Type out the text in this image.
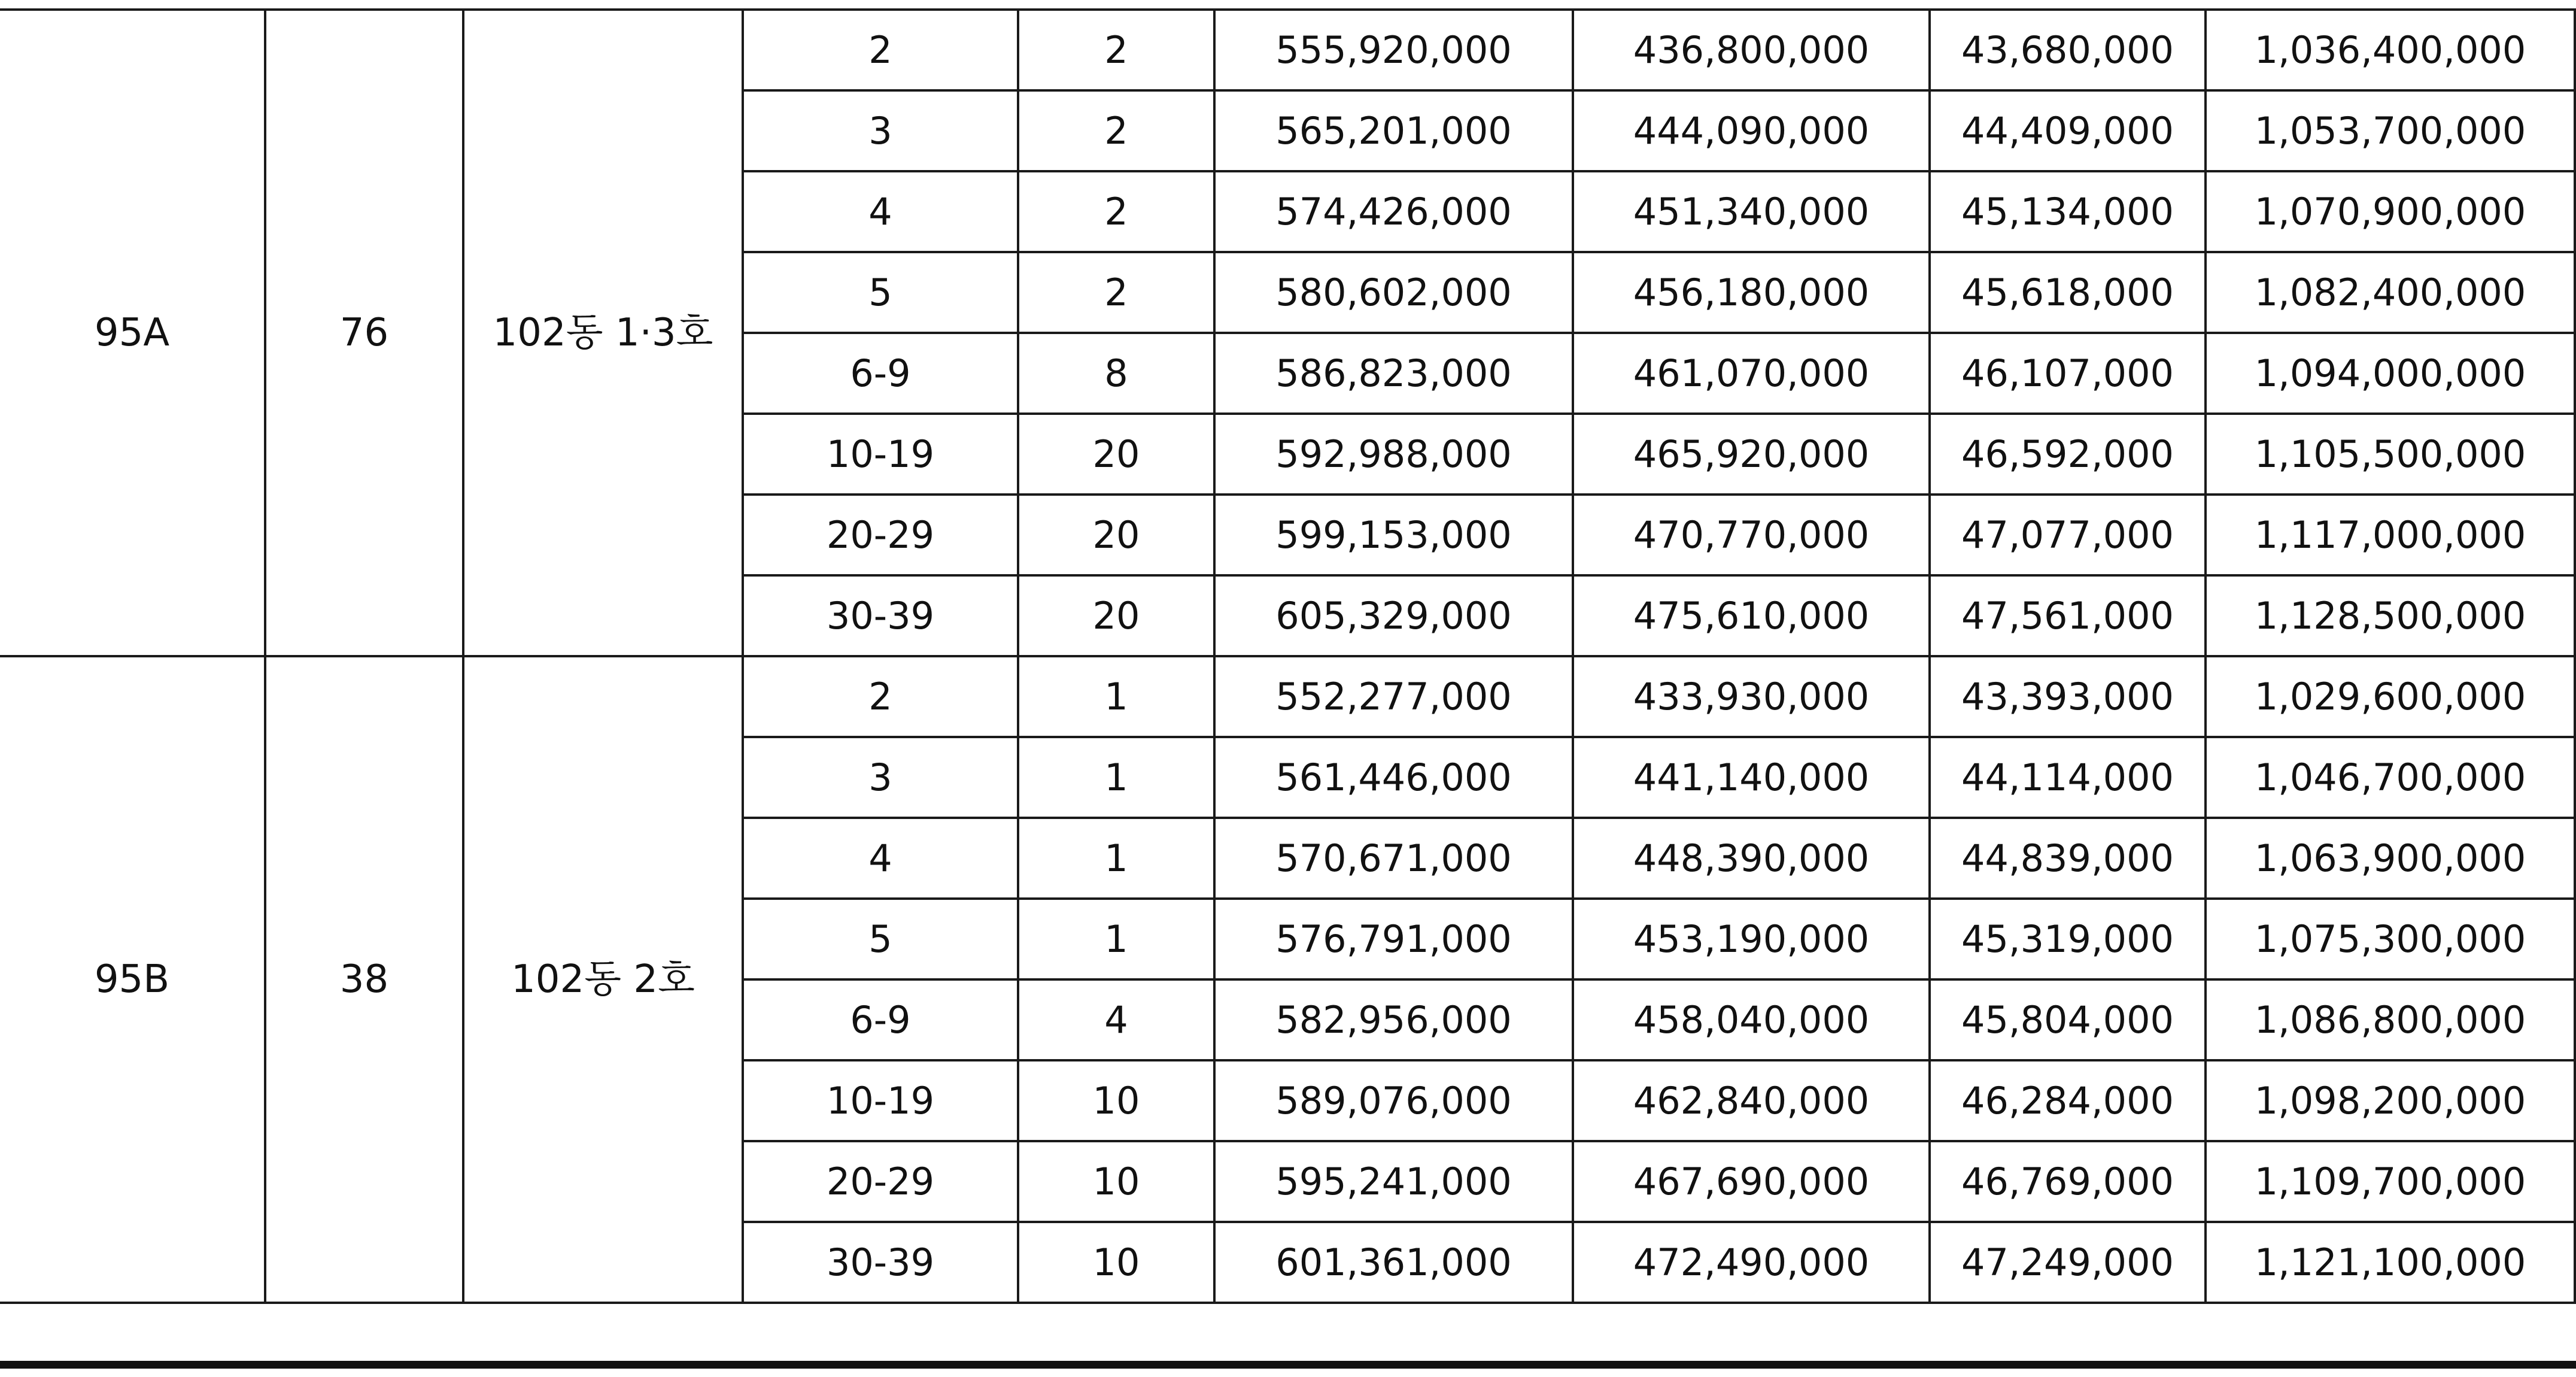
95A	76	102동 1·3호	2	2	555,920,000	436,800,000	43,680,000	1,036,400,000	
			3	2	565,201,000	444,090,000	44,409,000	1,053,700,000	
			4	2	574,426,000	451,340,000	45,134,000	1,070,900,000	
			5	2	580,602,000	456,180,000	45,618,000	1,082,400,000	
			6-9	8	586,823,000	461,070,000	46,107,000	1,094,000,000	
			10-19	20	592,988,000	465,920,000	46,592,000	1,105,500,000	
			20-29	20	599,153,000	470,770,000	47,077,000	1,117,000,000	
			30-39	20	605,329,000	475,610,000	47,561,000	1,128,500,000	
95B	38	102동 2호	2	1	552,277,000	433,930,000	43,393,000	1,029,600,000	
			3	1	561,446,000	441,140,000	44,114,000	1,046,700,000	
			4	1	570,671,000	448,390,000	44,839,000	1,063,900,000	
			5	1	576,791,000	453,190,000	45,319,000	1,075,300,000	
			6-9	4	582,956,000	458,040,000	45,804,000	1,086,800,000	
			10-19	10	589,076,000	462,840,000	46,284,000	1,098,200,000	
			20-29	10	595,241,000	467,690,000	46,769,000	1,109,700,000	
			30-39	10	601,361,000	472,490,000	47,249,000	1,121,100,000	
